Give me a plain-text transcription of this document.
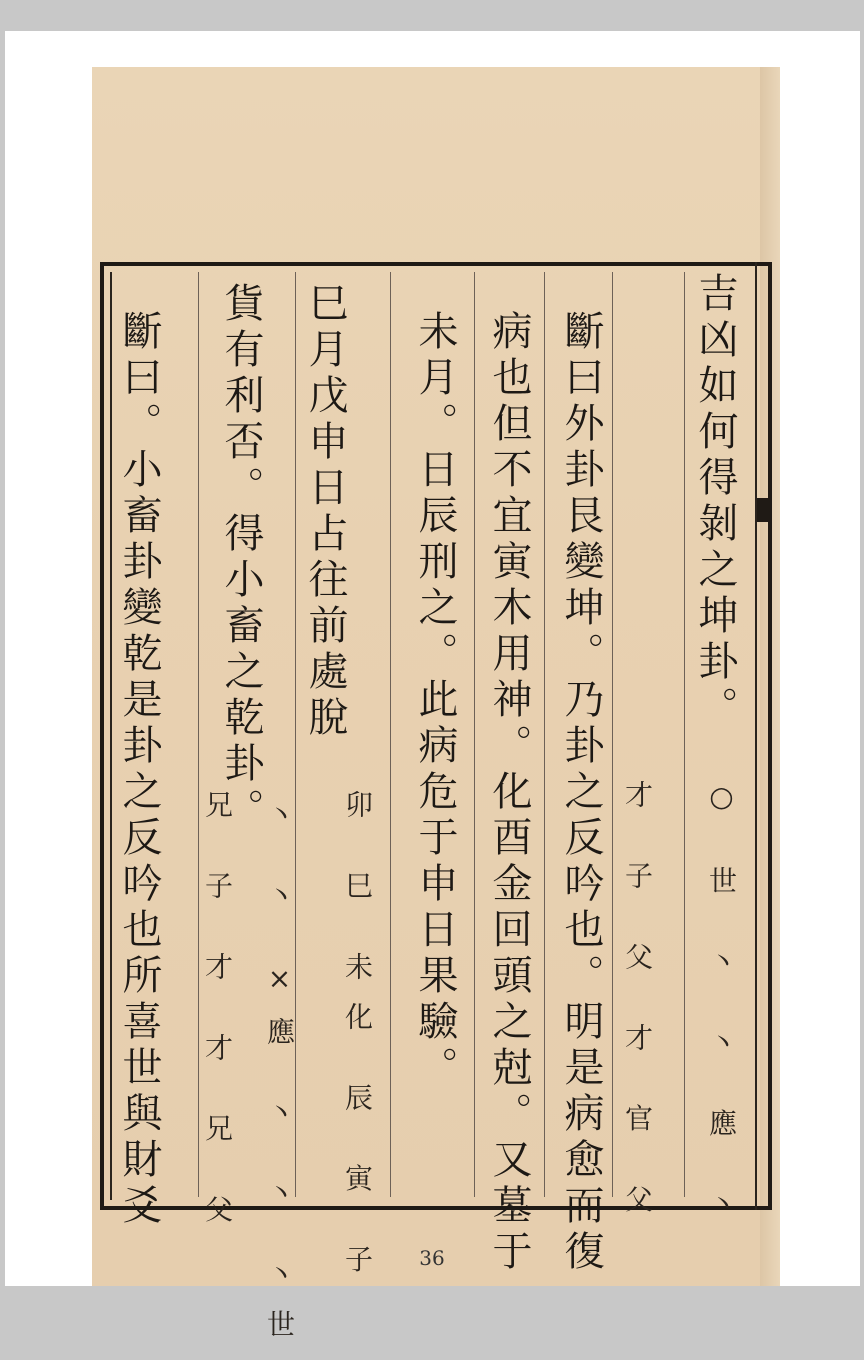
吉凶如何得剝之坤卦。
斷曰外卦艮變坤。乃卦之反吟也。明是病愈而復
病也但不宜寅木用神。化酉金回頭之尅。又墓于
未月。日辰刑之。此病危于申日果驗。
巳月戊申日占往前處脫
貨有利否。得小畜之乾卦。
斷曰。小畜卦變乾是卦之反吟也所喜世與財爻	○ 世 丶 丶 應 丶
才 子 父 才 官 父
卯 巳 未化 辰 寅 子
丶 丶 ×應 丶 丶 丶世
兄 子 才 才 兄 父
36
